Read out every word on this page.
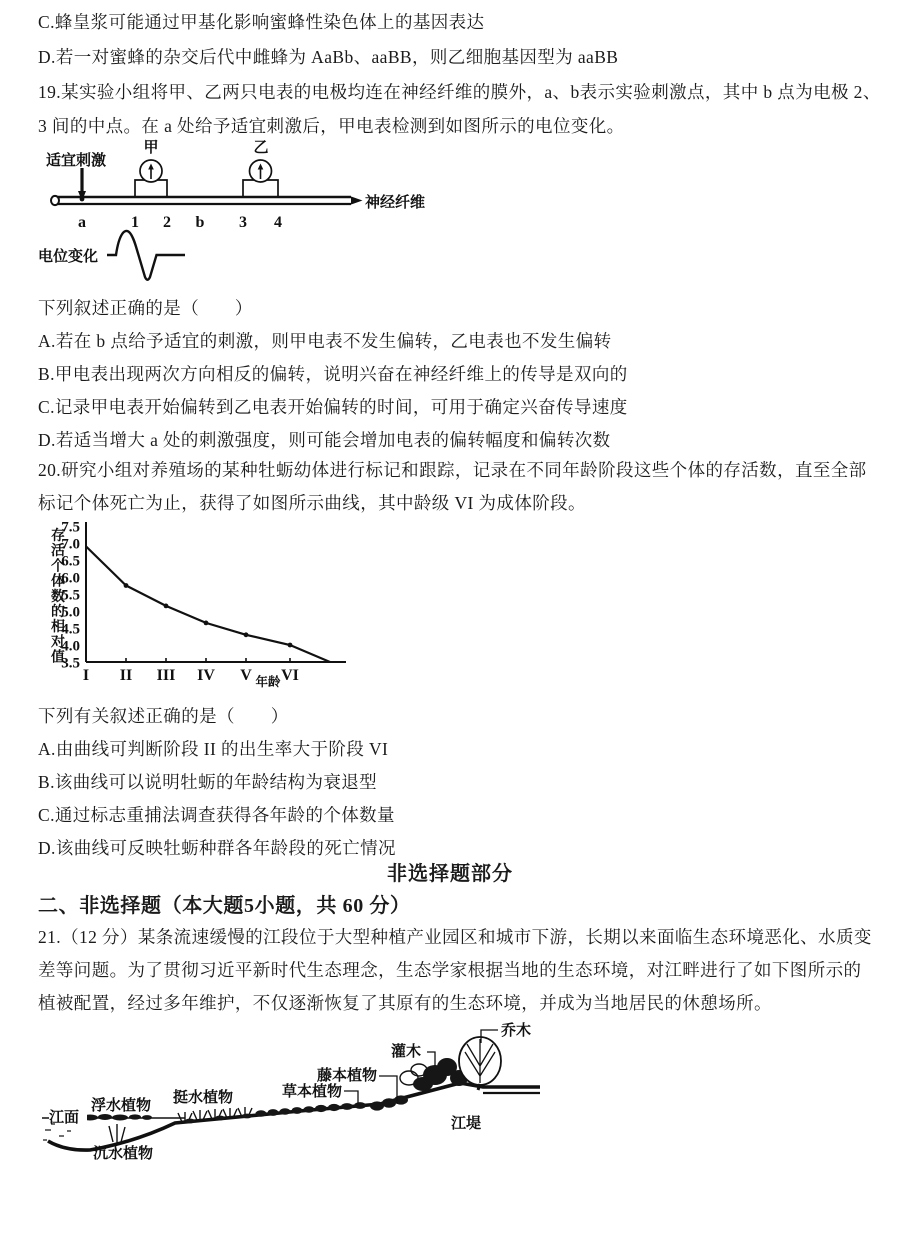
C.蜂皇浆可能通过甲基化影响蜜蜂性染色体上的基因表达
D.若一对蜜蜂的杂交后代中雌蜂为 AaBb、aaBB，则乙细胞基因型为 aaBB
19.某实验小组将甲、乙两只电表的电极均连在神经纤维的膜外，a、b表示实验刺激点，其中 b 点为电极 2、
3 间的中点。在 a 处给予适宜刺激后，甲电表检测到如图所示的电位变化。
适宜刺激
甲	乙
神经纤维
a	1 2 b 3 4
电位变化
下列叙述正确的是（　　）
A.若在 b 点给予适宜的刺激，则甲电表不发生偏转，乙电表也不发生偏转
B.甲电表出现两次方向相反的偏转，说明兴奋在神经纤维上的传导是双向的
C.记录甲电表开始偏转到乙电表开始偏转的时间，可用于确定兴奋传导速度
D.若适当增大 a 处的刺激强度，则可能会增加电表的偏转幅度和偏转次数
20.研究小组对养殖场的某种牡蛎幼体进行标记和跟踪，记录在不同年龄阶段这些个体的存活数，直至全部
标记个体死亡为止，获得了如图所示曲线，其中龄级 VI 为成体阶段。
7.5
7.0
6.5
6.0
5.5
5.0
4.5
4.0
3.5
I II III IV V VI
年龄
存
活
个
体
数
的
相
对
值
下列有关叙述正确的是（　　）
A.由曲线可判断阶段 II 的出生率大于阶段 VI
B.该曲线可以说明牡蛎的年龄结构为衰退型
C.通过标志重捕法调查获得各年龄的个体数量
D.该曲线可反映牡蛎种群各年龄段的死亡情况
非选择题部分
二、非选择题（本大题5小题，共 60 分）
21.（12 分）某条流速缓慢的江段位于大型种植产业园区和城市下游，长期以来面临生态环境恶化、水质变
差等问题。为了贯彻习近平新时代生态理念，生态学家根据当地的生态环境，对江畔进行了如下图所示的
植被配置，经过多年维护，不仅逐渐恢复了其原有的生态环境，并成为当地居民的休憩场所。
江面
浮水植物 挺水植物	草本植物
藤本植物
灌木
乔木
沉水植物
江堤
